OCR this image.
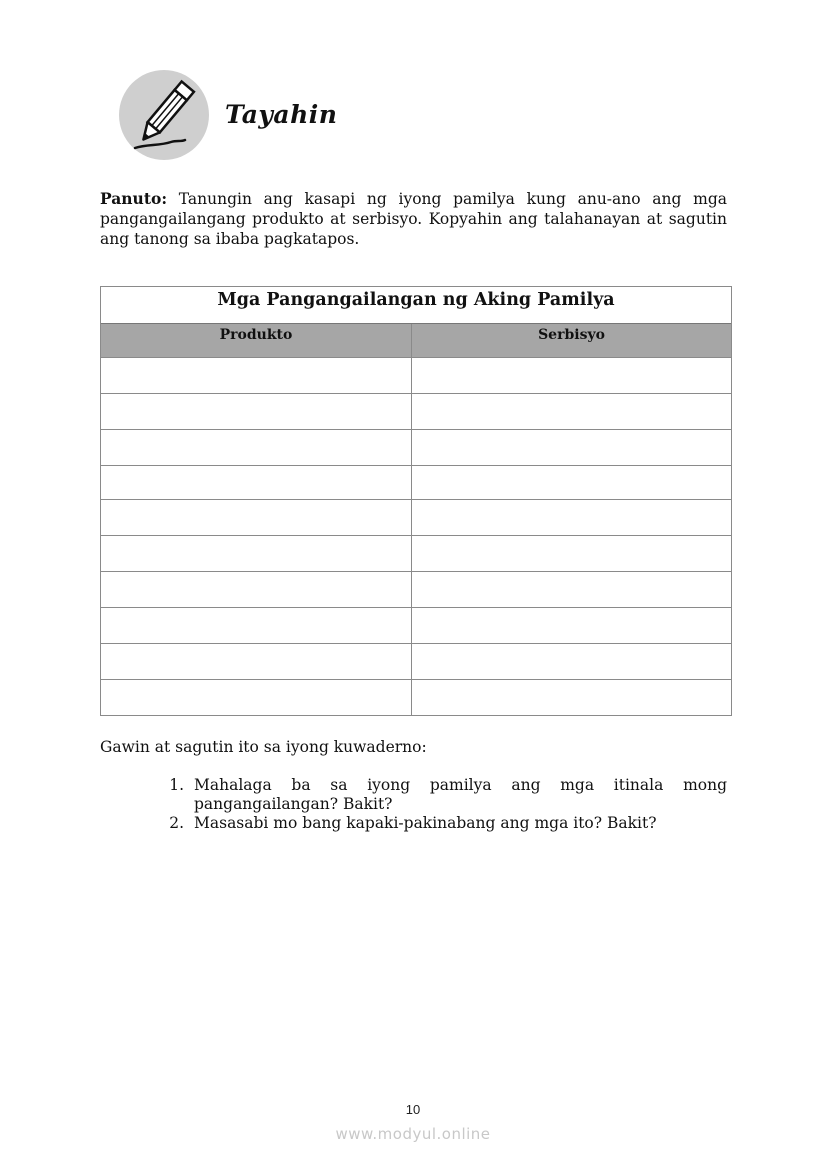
Tayahin
Panuto: Tanungin ang kasapi ng iyong pamilya kung anu-ano ang mga pangangailangang produkto at serbisyo. Kopyahin ang talahanayan at sagutin ang tanong sa ibaba pagkatapos.
Mga Pangangailangan ng Aking Pamilya
Produkto	Serbisyo
Gawin at sagutin ito sa iyong kuwaderno:
1. Mahalaga ba sa iyong pamilya ang mga itinala mong
pangangailangan? Bakit?
2. Masasabi mo bang kapaki-pakinabang ang mga ito? Bakit?
10
www.modyul.online
